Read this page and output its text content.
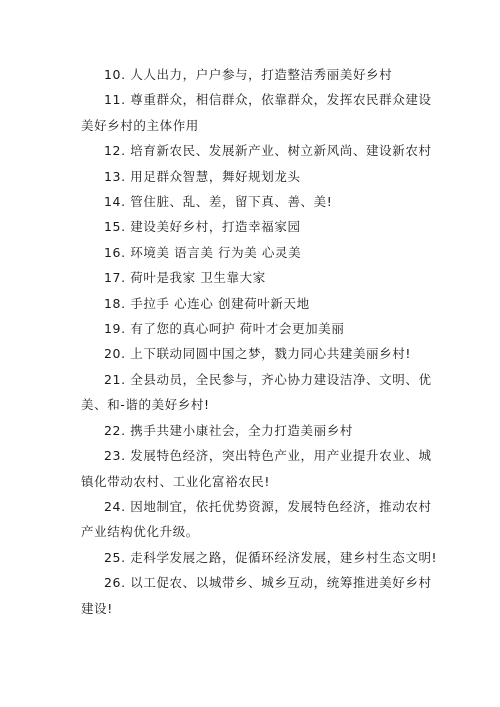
10. 人人出力，户户参与，打造整洁秀丽美好乡村

11. 尊重群众，相信群众，依靠群众，发挥农民群众建设美好乡村的主体作用

12. 培育新农民、发展新产业、树立新风尚、建设新农村

13. 用足群众智慧，舞好规划龙头

14. 管住脏、乱、差，留下真、善、美!

15. 建设美好乡村，打造幸福家园

16. 环境美 语言美 行为美 心灵美

17. 荷叶是我家 卫生靠大家

18. 手拉手 心连心 创建荷叶新天地

19. 有了您的真心呵护 荷叶才会更加美丽

20. 上下联动同圆中国之梦，戮力同心共建美丽乡村!

21. 全县动员，全民参与，齐心协力建设洁净、文明、优美、和-谐的美好乡村!

22. 携手共建小康社会，全力打造美丽乡村

23. 发展特色经济，突出特色产业，用产业提升农业、城镇化带动农村、工业化富裕农民!

24. 因地制宜，依托优势资源，发展特色经济，推动农村产业结构优化升级。

25. 走科学发展之路，促循环经济发展，建乡村生态文明!

26. 以工促农、以城带乡、城乡互动，统筹推进美好乡村建设!
